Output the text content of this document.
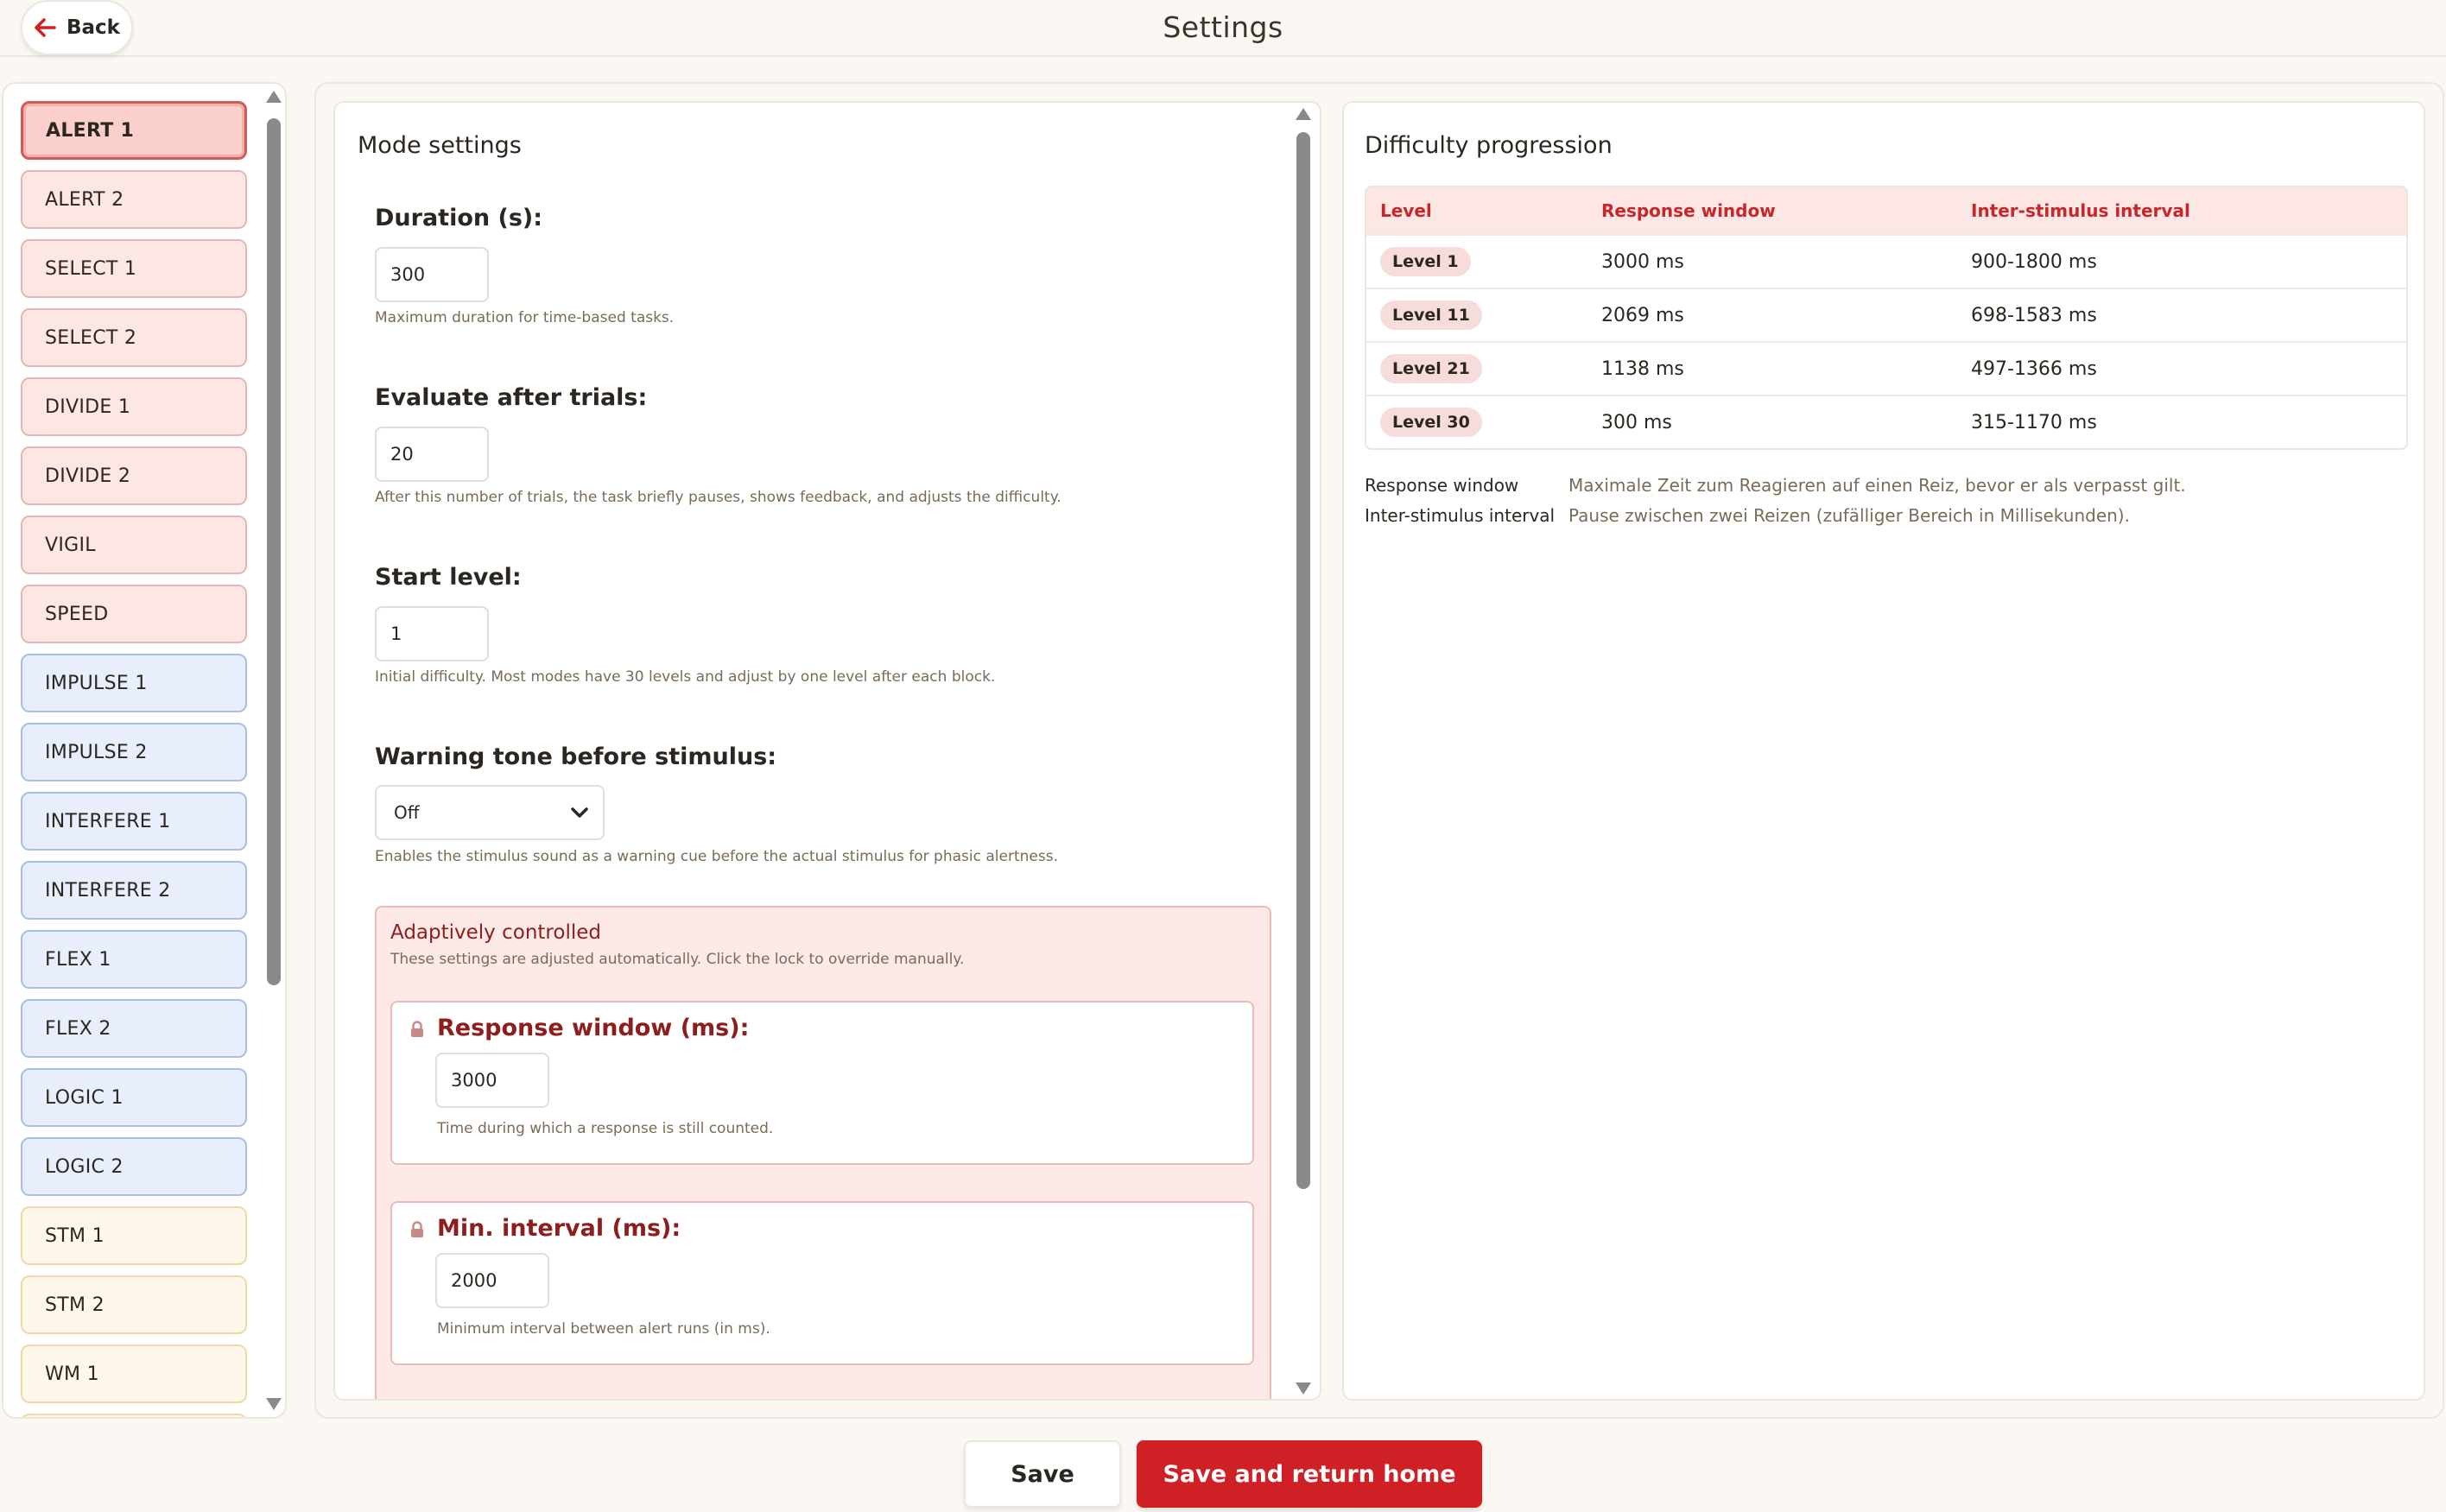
Back	Settings
ALERT 1
ALERT 2
SELECT 1
SELECT 2
DIVIDE 1
DIVIDE 2
VIGIL
SPEED
IMPULSE 1
IMPULSE 2
INTERFERE 1
INTERFERE 2
FLEX 1
FLEX 2
LOGIC 1
LOGIC 2
STM 1
STM 2
WM 1
Mode settings
Duration (s):
300
Maximum duration for time-based tasks.
Evaluate after trials:
20
After this number of trials, the task briefly pauses, shows feedback, and adjusts the difficulty.
Start level:
1
Initial difficulty. Most modes have 30 levels and adjust by one level after each block.
Warning tone before stimulus:
Off
Enables the stimulus sound as a warning cue before the actual stimulus for phasic alertness.
Adaptively controlled
These settings are adjusted automatically. Click the lock to override manually.
Response window (ms):
3000
Time during which a response is still counted.
Min. interval (ms):
2000
Minimum interval between alert runs (in ms).
Difficulty progression
Level	Response window	Inter-stimulus interval
Level 1	3000 ms	900-1800 ms
Level 11	2069 ms	698-1583 ms
Level 21	1138 ms	497-1366 ms
Level 30	300 ms	315-1170 ms
Response window	Maximale Zeit zum Reagieren auf einen Reiz, bevor er als verpasst gilt.
Inter-stimulus interval Pause zwischen zwei Reizen (zufälliger Bereich in Millisekunden).
Save	Save and return home
